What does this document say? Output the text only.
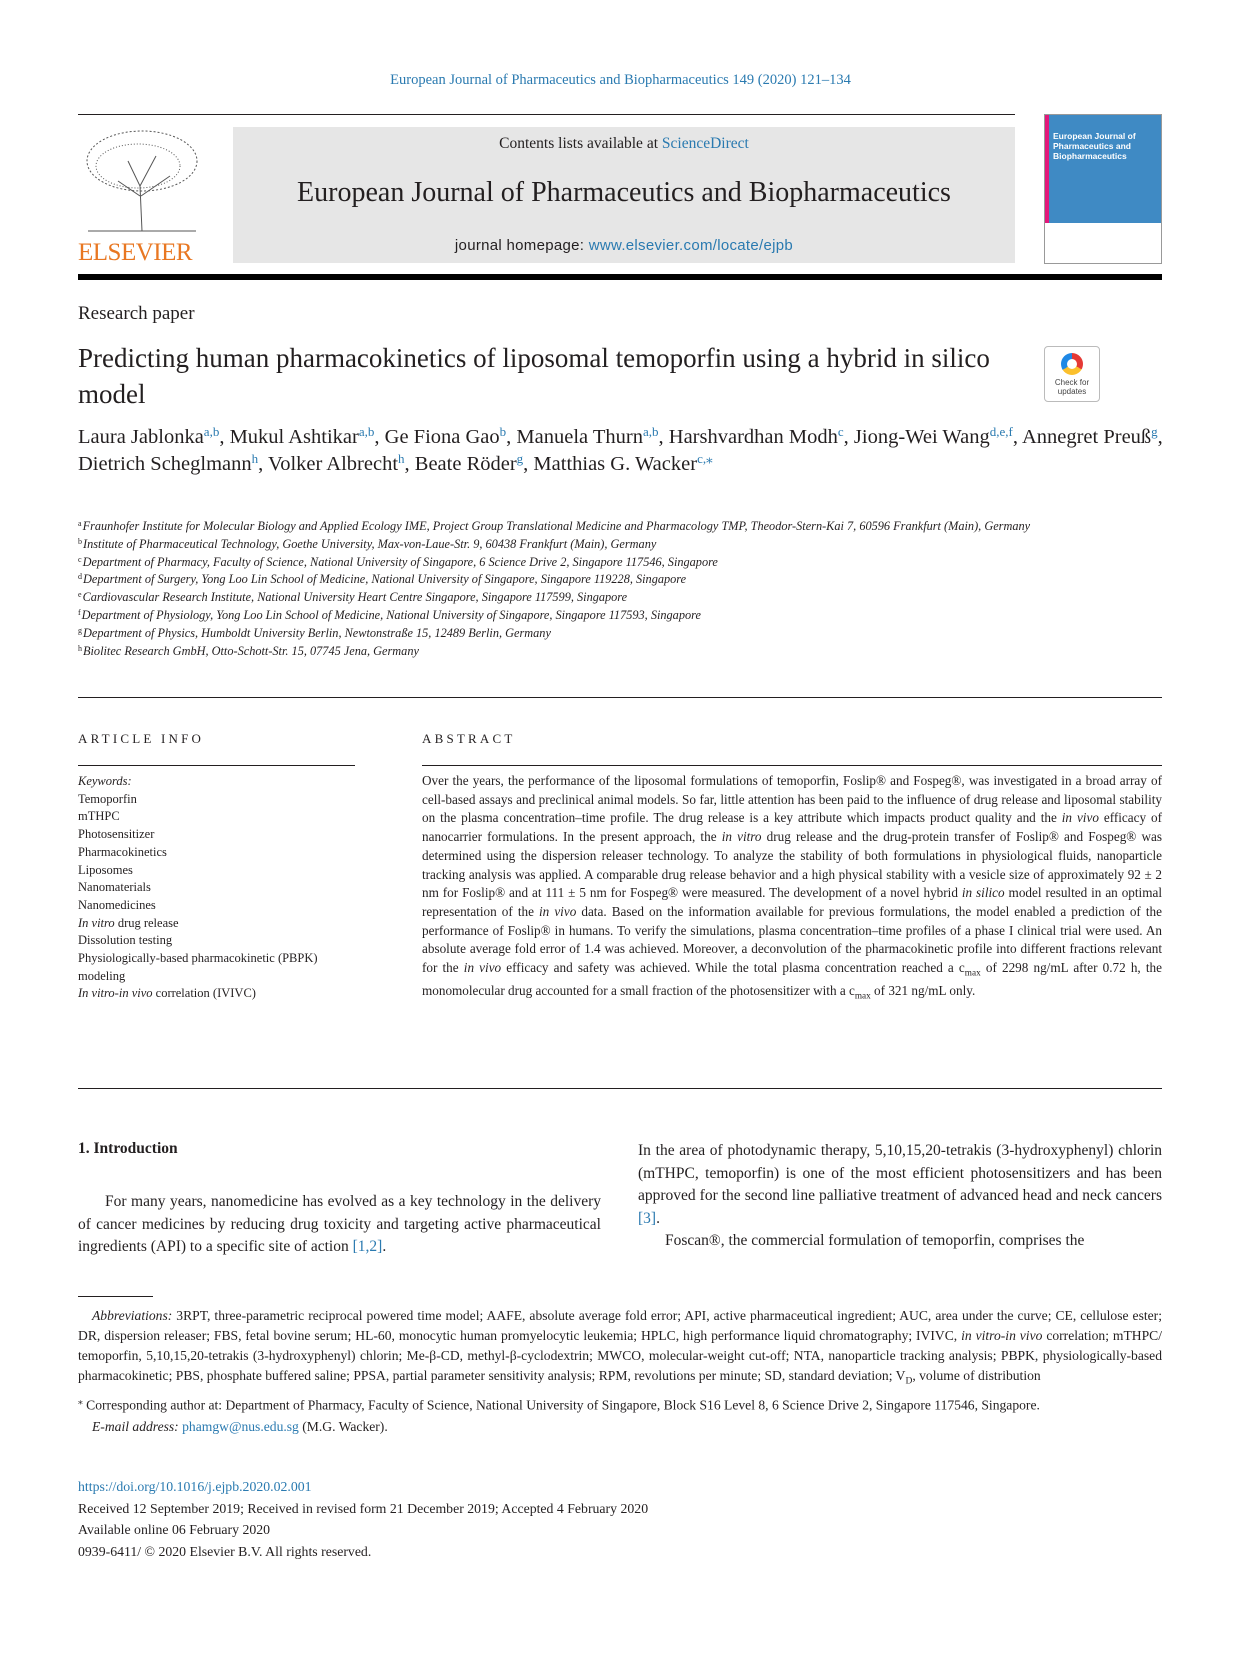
European Journal of Pharmaceutics and Biopharmaceutics 149 (2020) 121–134
ELSEVIER
Contents lists available at ScienceDirect
European Journal of Pharmaceutics and Biopharmaceutics
journal homepage: www.elsevier.com/locate/ejpb
European Journal of Pharmaceutics and Biopharmaceutics
Research paper
Predicting human pharmacokinetics of liposomal temoporfin using a hybrid in silico model	Check for updates
Laura Jablonka$^{a,b}$, Mukul Ashtikar$^{a,b}$, Ge Fiona Gao$^b$, Manuela Thurn$^{a,b}$, Harshvardhan Modh$^c$, Jiong-Wei Wang$^{d,e,f}$, Annegret Preuß$^g$, Dietrich Scheglmann$^h$, Volker Albrecht$^h$, Beate Röder$^g$, Matthias G. Wacker$^{c,⁎}$
$^a$Fraunhofer Institute for Molecular Biology and Applied Ecology IME, Project Group Translational Medicine and Pharmacology TMP, Theodor-Stern-Kai 7, 60596 Frankfurt (Main), Germany
$^b$Institute of Pharmaceutical Technology, Goethe University, Max-von-Laue-Str. 9, 60438 Frankfurt (Main), Germany
$^c$Department of Pharmacy, Faculty of Science, National University of Singapore, 6 Science Drive 2, Singapore 117546, Singapore
$^d$Department of Surgery, Yong Loo Lin School of Medicine, National University of Singapore, Singapore 119228, Singapore
$^e$Cardiovascular Research Institute, National University Heart Centre Singapore, Singapore 117599, Singapore
$^f$Department of Physiology, Yong Loo Lin School of Medicine, National University of Singapore, Singapore 117593, Singapore
$^g$Department of Physics, Humboldt University Berlin, Newtonstraße 15, 12489 Berlin, Germany
$^h$Biolitec Research GmbH, Otto-Schott-Str. 15, 07745 Jena, Germany
ARTICLE INFO
Keywords:
Temoporfin
mTHPC
Photosensitizer
Pharmacokinetics
Liposomes
Nanomaterials
Nanomedicines
In vitro drug release
Dissolution testing
Physiologically-based pharmacokinetic (PBPK) modeling
In vitro-in vivo correlation (IVIVC)
ABSTRACT
Over the years, the performance of the liposomal formulations of temoporfin, Foslip® and Fospeg®, was investigated in a broad array of cell-based assays and preclinical animal models. So far, little attention has been paid to the influence of drug release and liposomal stability on the plasma concentration–time profile. The drug release is a key attribute which impacts product quality and the in vivo efficacy of nanocarrier formulations. In the present approach, the in vitro drug release and the drug-protein transfer of Foslip® and Fospeg® was determined using the dispersion releaser technology. To analyze the stability of both formulations in physiological fluids, nanoparticle tracking analysis was applied. A comparable drug release behavior and a high physical stability with a vesicle size of approximately 92 ± 2 nm for Foslip® and at 111 ± 5 nm for Fospeg® were measured. The development of a novel hybrid in silico model resulted in an optimal representation of the in vivo data. Based on the information available for previous formulations, the model enabled a prediction of the performance of Foslip® in humans. To verify the simulations, plasma concentration–time profiles of a phase I clinical trial were used. An absolute average fold error of 1.4 was achieved. Moreover, a deconvolution of the pharmacokinetic profile into different fractions relevant for the in vivo efficacy and safety was achieved. While the total plasma concentration reached a $c_{max}$ of 2298 ng/mL after 0.72 h, the monomolecular drug accounted for a small fraction of the photosensitizer with a $c_{max}$ of 321 ng/mL only.
1. Introduction
For many years, nanomedicine has evolved as a key technology in the delivery of cancer medicines by reducing drug toxicity and targeting active pharmaceutical ingredients (API) to a specific site of action [1,2].
In the area of photodynamic therapy, 5,10,15,20-tetrakis (3-hydroxyphenyl) chlorin (mTHPC, temoporfin) is one of the most efficient photosensitizers and has been approved for the second line palliative treatment of advanced head and neck cancers [3].
Foscan®, the commercial formulation of temoporfin, comprises the

Abbreviations: 3RPT, three-parametric reciprocal powered time model; AAFE, absolute average fold error; API, active pharmaceutical ingredient; AUC, area under the curve; CE, cellulose ester; DR, dispersion releaser; FBS, fetal bovine serum; HL-60, monocytic human promyelocytic leukemia; HPLC, high performance liquid chromatography; IVIVC, in vitro-in vivo correlation; mTHPC/ temoporfin, 5,10,15,20-tetrakis (3-hydroxyphenyl) chlorin; Me-β-CD, methyl-β-cyclodextrin; MWCO, molecular-weight cut-off; NTA, nanoparticle tracking analysis; PBPK, physiologically-based pharmacokinetic; PBS, phosphate buffered saline; PPSA, partial parameter sensitivity analysis; RPM, revolutions per minute; SD, standard deviation; $V_D$, volume of distribution

⁎ Corresponding author at: Department of Pharmacy, Faculty of Science, National University of Singapore, Block S16 Level 8, 6 Science Drive 2, Singapore 117546, Singapore.

E-mail address: phamgw@nus.edu.sg (M.G. Wacker).

https://doi.org/10.1016/j.ejpb.2020.02.001
Received 12 September 2019; Received in revised form 21 December 2019; Accepted 4 February 2020
Available online 06 February 2020
0939-6411/ © 2020 Elsevier B.V. All rights reserved.
